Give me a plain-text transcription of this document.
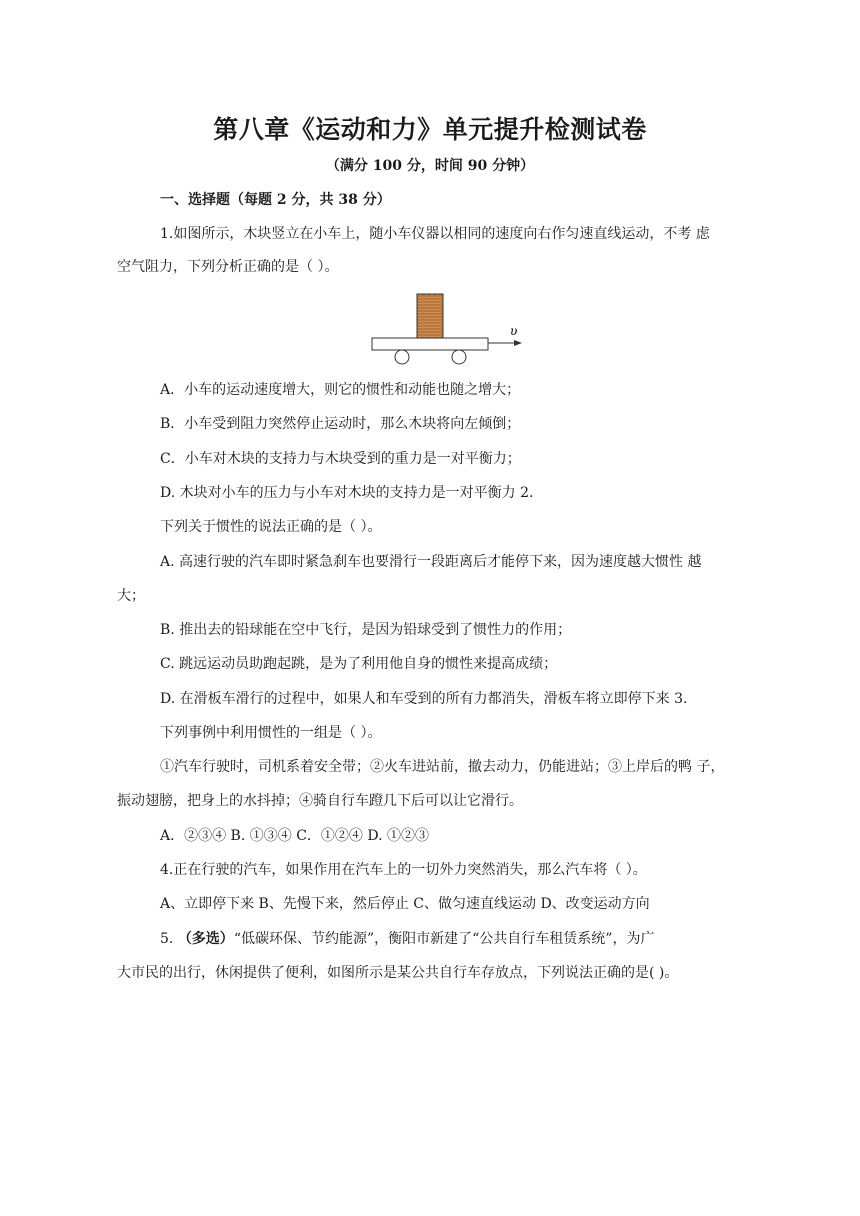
第八章《运动和力》单元提升检测试卷
（满分 100 分，时间 90 分钟）
一、选择题（每题 2 分，共 38 分）
1.如图所示，木块竖立在小车上，随小车仪器以相同的速度向右作匀速直线运动，不考 虑
空气阻力，下列分析正确的是（ ）。
υ
A．小车的运动速度增大，则它的惯性和动能也随之增大；
B．小车受到阻力突然停止运动时，那么木块将向左倾倒；
C．小车对木块的支持力与木块受到的重力是一对平衡力；
D. 木块对小车的压力与小车对木块的支持力是一对平衡力 2.
下列关于惯性的说法正确的是（ ）。
A. 高速行驶的汽车即时紧急刹车也要滑行一段距离后才能停下来，因为速度越大惯性 越
大；
B. 推出去的铅球能在空中飞行，是因为铅球受到了惯性力的作用；
C. 跳远运动员助跑起跳，是为了利用他自身的惯性来提高成绩；
D. 在滑板车滑行的过程中，如果人和车受到的所有力都消失，滑板车将立即停下来 3.
下列事例中利用惯性的一组是（ ）。
①汽车行驶时，司机系着安全带；②火车进站前，撤去动力，仍能进站；③上岸后的鸭 子，
振动翅膀，把身上的水抖掉；④骑自行车蹬几下后可以让它滑行。
A．②③④ B. ①③④ C．①②④ D. ①②③
4.正在行驶的汽车，如果作用在汽车上的一切外力突然消失，那么汽车将（ ）。
A、立即停下来 B、先慢下来，然后停止 C、做匀速直线运动 D、改变运动方向
5. （多选）“低碳环保、节约能源”，衡阳市新建了“公共自行车租赁系统”，为广
大市民的出行，休闲提供了便利，如图所示是某公共自行车存放点，下列说法正确的是( )。
